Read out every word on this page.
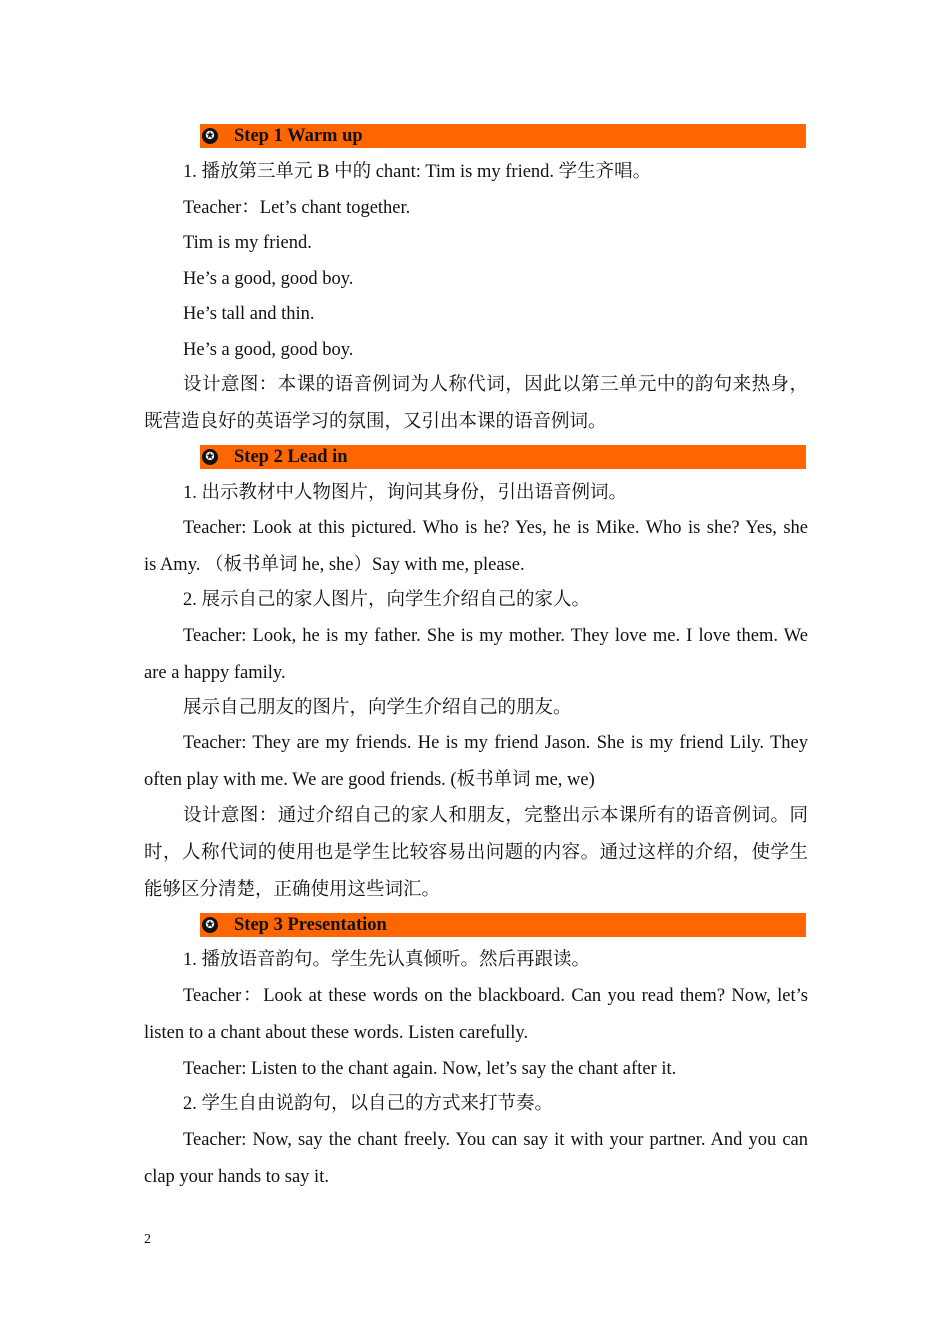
✪ Step 1 Warm up
1. 播放第三单元 B 中的 chant: Tim is my friend. 学生齐唱。
Teacher：Let’s chant together.
Tim is my friend.
He’s a good, good boy.
He’s tall and thin.
He’s a good, good boy.
设计意图：本课的语音例词为人称代词，因此以第三单元中的韵句来热身，
既营造良好的英语学习的氛围，又引出本课的语音例词。
✪ Step 2 Lead in
1. 出示教材中人物图片，询问其身份，引出语音例词。
Teacher: Look at this pictured. Who is he? Yes, he is Mike. Who is she? Yes, she
is Amy. （板书单词 he, she）Say with me, please.
2. 展示自己的家人图片，向学生介绍自己的家人。
Teacher: Look, he is my father. She is my mother. They love me. I love them. We
are a happy family.
展示自己朋友的图片，向学生介绍自己的朋友。
Teacher: They are my friends. He is my friend Jason. She is my friend Lily. They
often play with me. We are good friends. (板书单词 me, we)
设计意图：通过介绍自己的家人和朋友，完整出示本课所有的语音例词。同
时，人称代词的使用也是学生比较容易出问题的内容。通过这样的介绍，使学生
能够区分清楚，正确使用这些词汇。
✪ Step 3 Presentation
1. 播放语音韵句。学生先认真倾听。然后再跟读。
Teacher：Look at these words on the blackboard. Can you read them? Now, let’s
listen to a chant about these words. Listen carefully.
Teacher: Listen to the chant again. Now, let’s say the chant after it.
2. 学生自由说韵句，以自己的方式来打节奏。
Teacher: Now, say the chant freely. You can say it with your partner. And you can
clap your hands to say it.
2
